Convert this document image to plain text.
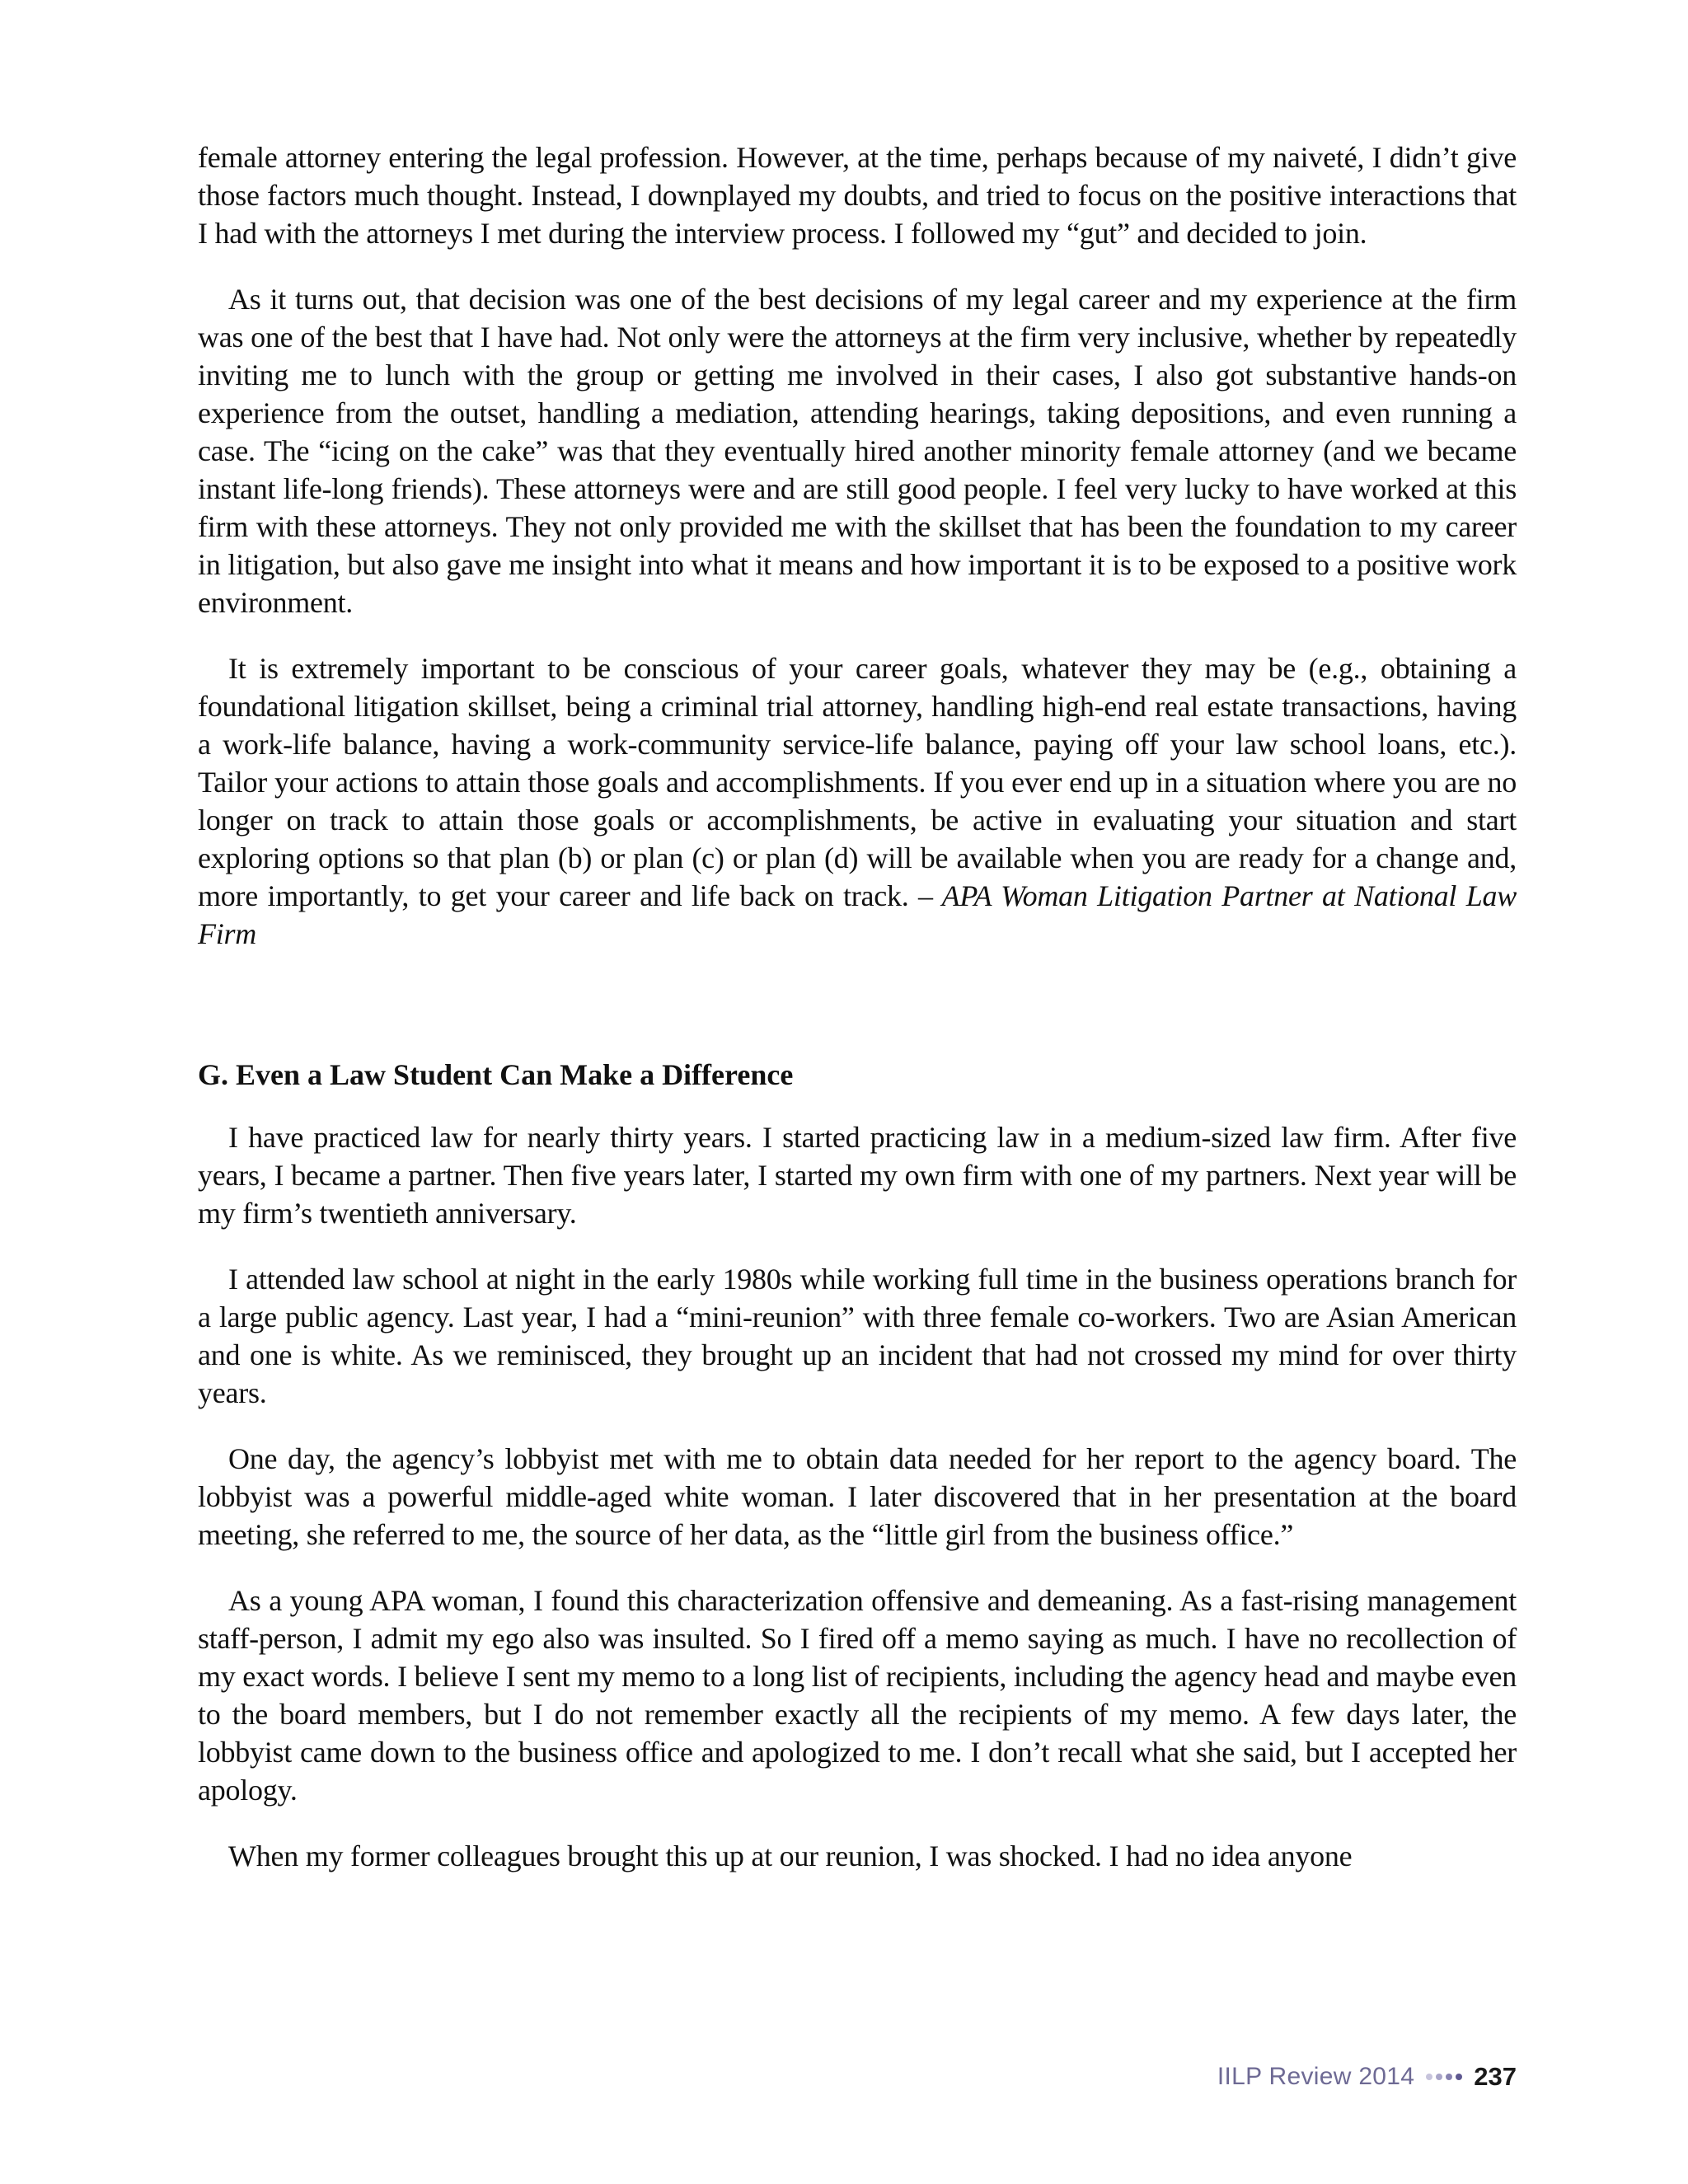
female attorney entering the legal profession. However, at the time, perhaps because of my naiveté, I didn’t give those factors much thought. Instead, I downplayed my doubts, and tried to focus on the positive interactions that I had with the attorneys I met during the interview process. I followed my “gut” and decided to join.

As it turns out, that decision was one of the best decisions of my legal career and my experience at the firm was one of the best that I have had. Not only were the attorneys at the firm very inclusive, whether by repeatedly inviting me to lunch with the group or getting me involved in their cases, I also got substantive hands-on experience from the outset, handling a mediation, attending hearings, taking depositions, and even running a case. The “icing on the cake” was that they eventually hired another minority female attorney (and we became instant life-long friends). These attorneys were and are still good people. I feel very lucky to have worked at this firm with these attorneys. They not only provided me with the skillset that has been the foundation to my career in litigation, but also gave me insight into what it means and how important it is to be exposed to a positive work environment.

It is extremely important to be conscious of your career goals, whatever they may be (e.g., obtaining a foundational litigation skillset, being a criminal trial attorney, handling high-end real estate transactions, having a work-life balance, having a work-community service-life balance, paying off your law school loans, etc.). Tailor your actions to attain those goals and accomplishments. If you ever end up in a situation where you are no longer on track to attain those goals or accomplishments, be active in evaluating your situation and start exploring options so that plan (b) or plan (c) or plan (d) will be available when you are ready for a change and, more importantly, to get your career and life back on track. – APA Woman Litigation Partner at National Law Firm

G. Even a Law Student Can Make a Difference

I have practiced law for nearly thirty years. I started practicing law in a medium-sized law firm. After five years, I became a partner. Then five years later, I started my own firm with one of my partners. Next year will be my firm’s twentieth anniversary.

I attended law school at night in the early 1980s while working full time in the business operations branch for a large public agency. Last year, I had a “mini-reunion” with three female co-workers. Two are Asian American and one is white. As we reminisced, they brought up an incident that had not crossed my mind for over thirty years.

One day, the agency’s lobbyist met with me to obtain data needed for her report to the agency board. The lobbyist was a powerful middle-aged white woman. I later discovered that in her presentation at the board meeting, she referred to me, the source of her data, as the “little girl from the business office.”

As a young APA woman, I found this characterization offensive and demeaning. As a fast-rising management staff-person, I admit my ego also was insulted. So I fired off a memo saying as much. I have no recollection of my exact words. I believe I sent my memo to a long list of recipients, including the agency head and maybe even to the board members, but I do not remember exactly all the recipients of my memo. A few days later, the lobbyist came down to the business office and apologized to me. I don’t recall what she said, but I accepted her apology.

When my former colleagues brought this up at our reunion, I was shocked. I had no idea anyone

IILP Review 2014 237
